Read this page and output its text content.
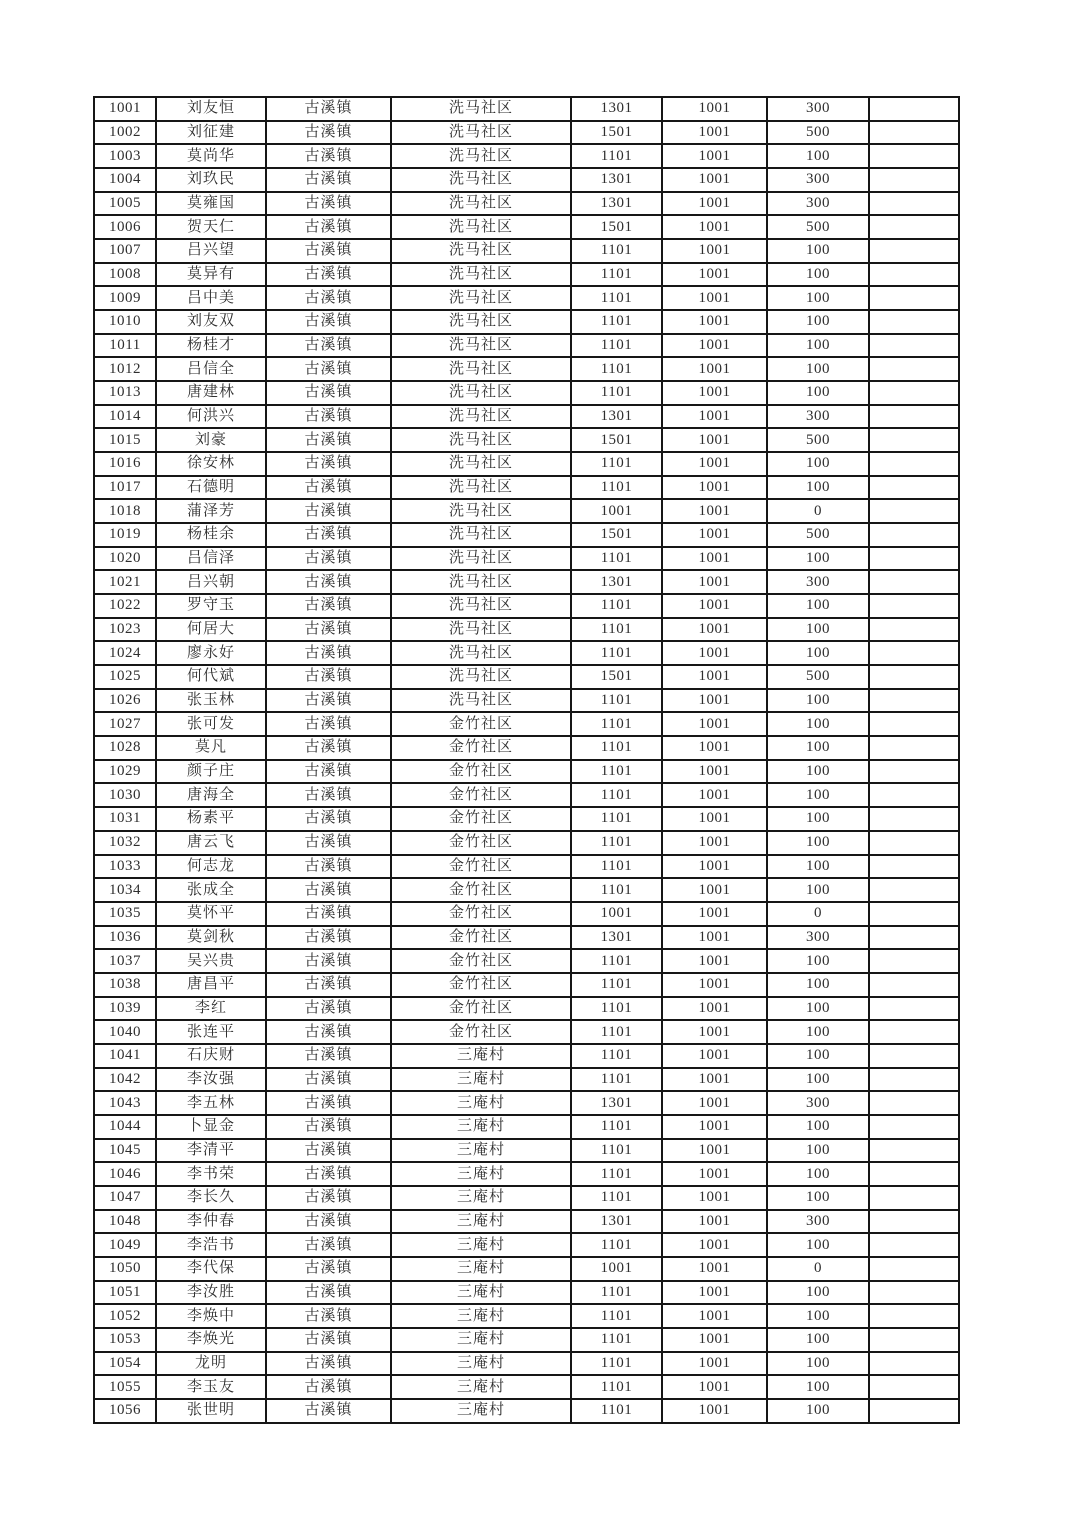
1001	刘友恒	古溪镇	洗马社区	1301	1001	300	
1002	刘征建	古溪镇	洗马社区	1501	1001	500	
1003	莫尚华	古溪镇	洗马社区	1101	1001	100	
1004	刘玖民	古溪镇	洗马社区	1301	1001	300	
1005	莫雍国	古溪镇	洗马社区	1301	1001	300	
1006	贺天仁	古溪镇	洗马社区	1501	1001	500	
1007	吕兴望	古溪镇	洗马社区	1101	1001	100	
1008	莫异有	古溪镇	洗马社区	1101	1001	100	
1009	吕中美	古溪镇	洗马社区	1101	1001	100	
1010	刘友双	古溪镇	洗马社区	1101	1001	100	
1011	杨桂才	古溪镇	洗马社区	1101	1001	100	
1012	吕信全	古溪镇	洗马社区	1101	1001	100	
1013	唐建林	古溪镇	洗马社区	1101	1001	100	
1014	何洪兴	古溪镇	洗马社区	1301	1001	300	
1015	刘豪	古溪镇	洗马社区	1501	1001	500	
1016	徐安林	古溪镇	洗马社区	1101	1001	100	
1017	石德明	古溪镇	洗马社区	1101	1001	100	
1018	蒲泽芳	古溪镇	洗马社区	1001	1001	0	
1019	杨桂余	古溪镇	洗马社区	1501	1001	500	
1020	吕信泽	古溪镇	洗马社区	1101	1001	100	
1021	吕兴朝	古溪镇	洗马社区	1301	1001	300	
1022	罗守玉	古溪镇	洗马社区	1101	1001	100	
1023	何居大	古溪镇	洗马社区	1101	1001	100	
1024	廖永好	古溪镇	洗马社区	1101	1001	100	
1025	何代斌	古溪镇	洗马社区	1501	1001	500	
1026	张玉林	古溪镇	洗马社区	1101	1001	100	
1027	张可发	古溪镇	金竹社区	1101	1001	100	
1028	莫凡	古溪镇	金竹社区	1101	1001	100	
1029	颜子庄	古溪镇	金竹社区	1101	1001	100	
1030	唐海全	古溪镇	金竹社区	1101	1001	100	
1031	杨素平	古溪镇	金竹社区	1101	1001	100	
1032	唐云飞	古溪镇	金竹社区	1101	1001	100	
1033	何志龙	古溪镇	金竹社区	1101	1001	100	
1034	张成全	古溪镇	金竹社区	1101	1001	100	
1035	莫怀平	古溪镇	金竹社区	1001	1001	0	
1036	莫剑秋	古溪镇	金竹社区	1301	1001	300	
1037	吴兴贵	古溪镇	金竹社区	1101	1001	100	
1038	唐昌平	古溪镇	金竹社区	1101	1001	100	
1039	李红	古溪镇	金竹社区	1101	1001	100	
1040	张连平	古溪镇	金竹社区	1101	1001	100	
1041	石庆财	古溪镇	三庵村	1101	1001	100	
1042	李汝强	古溪镇	三庵村	1101	1001	100	
1043	李五林	古溪镇	三庵村	1301	1001	300	
1044	卜显金	古溪镇	三庵村	1101	1001	100	
1045	李清平	古溪镇	三庵村	1101	1001	100	
1046	李书荣	古溪镇	三庵村	1101	1001	100	
1047	李长久	古溪镇	三庵村	1101	1001	100	
1048	李仲春	古溪镇	三庵村	1301	1001	300	
1049	李浩书	古溪镇	三庵村	1101	1001	100	
1050	李代保	古溪镇	三庵村	1001	1001	0	
1051	李汝胜	古溪镇	三庵村	1101	1001	100	
1052	李焕中	古溪镇	三庵村	1101	1001	100	
1053	李焕光	古溪镇	三庵村	1101	1001	100	
1054	龙明	古溪镇	三庵村	1101	1001	100	
1055	李玉友	古溪镇	三庵村	1101	1001	100	
1056	张世明	古溪镇	三庵村	1101	1001	100	
